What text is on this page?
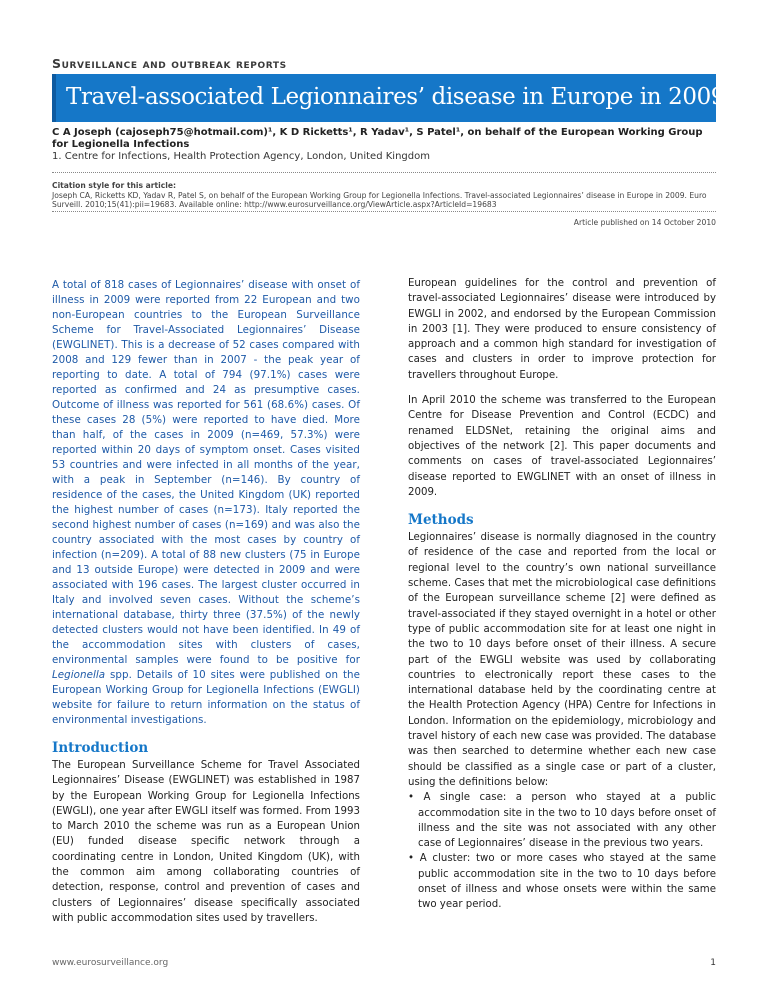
Surveillance and outbreak reports
Travel-associated Legionnaires’ disease in Europe in 2009
C A Joseph (cajoseph75@hotmail.com)¹, K D Ricketts¹, R Yadav¹, S Patel¹, on behalf of the European Working Group for Legionella Infections
1. Centre for Infections, Health Protection Agency, London, United Kingdom
Citation style for this article:
Joseph CA, Ricketts KD, Yadav R, Patel S, on behalf of the European Working Group for Legionella Infections. Travel-associated Legionnaires’ disease in Europe in 2009. Euro Surveill. 2010;15(41):pii=19683. Available online: http://www.eurosurveillance.org/ViewArticle.aspx?ArticleId=19683
Article published on 14 October 2010

A total of 818 cases of Legionnaires’ disease with onset of illness in 2009 were reported from 22 European and two non-European countries to the European Surveillance Scheme for Travel-Associated Legionnaires’ Disease (EWGLINET). This is a decrease of 52 cases compared with 2008 and 129 fewer than in 2007 - the peak year of reporting to date. A total of 794 (97.1%) cases were reported as confirmed and 24 as presumptive cases. Outcome of illness was reported for 561 (68.6%) cases. Of these cases 28 (5%) were reported to have died. More than half, of the cases in 2009 (n=469, 57.3%) were reported within 20 days of symptom onset. Cases visited 53 countries and were infected in all months of the year, with a peak in September (n=146). By country of residence of the cases, the United Kingdom (UK) reported the highest number of cases (n=173). Italy reported the second highest number of cases (n=169) and was also the country associated with the most cases by country of infection (n=209). A total of 88 new clusters (75 in Europe and 13 outside Europe) were detected in 2009 and were associated with 196 cases. The largest cluster occurred in Italy and involved seven cases. Without the scheme’s international database, thirty three (37.5%) of the newly detected clusters would not have been identified. In 49 of the accommodation sites with clusters of cases, environmental samples were found to be positive for Legionella spp. Details of 10 sites were published on the European Working Group for Legionella Infections (EWGLI) website for failure to return information on the status of environmental investigations.

Introduction

The European Surveillance Scheme for Travel Associated Legionnaires’ Disease (EWGLINET) was established in 1987 by the European Working Group for Legionella Infections (EWGLI), one year after EWGLI itself was formed. From 1993 to March 2010 the scheme was run as a European Union (EU) funded disease specific network through a coordinating centre in London, United Kingdom (UK), with the common aim among collaborating countries of detection, response, control and prevention of cases and clusters of Legionnaires’ disease specifically associated with public accommodation sites used by travellers.

European guidelines for the control and prevention of travel-associated Legionnaires’ disease were introduced by EWGLI in 2002, and endorsed by the European Commission in 2003 [1]. They were produced to ensure consistency of approach and a common high standard for investigation of cases and clusters in order to improve protection for travellers throughout Europe.

In April 2010 the scheme was transferred to the European Centre for Disease Prevention and Control (ECDC) and renamed ELDSNet, retaining the original aims and objectives of the network [2]. This paper documents and comments on cases of travel-associated Legionnaires’ disease reported to EWGLINET with an onset of illness in 2009.

Methods

Legionnaires’ disease is normally diagnosed in the country of residence of the case and reported from the local or regional level to the country’s own national surveillance scheme. Cases that met the microbiological case definitions of the European surveillance scheme [2] were defined as travel-associated if they stayed overnight in a hotel or other type of public accommodation site for at least one night in the two to 10 days before onset of their illness. A secure part of the EWGLI website was used by collaborating countries to electronically report these cases to the international database held by the coordinating centre at the Health Protection Agency (HPA) Centre for Infections in London. Information on the epidemiology, microbiology and travel history of each new case was provided. The database was then searched to determine whether each new case should be classified as a single case or part of a cluster, using the definitions below:

• A single case: a person who stayed at a public accommodation site in the two to 10 days before onset of illness and the site was not associated with any other case of Legionnaires’ disease in the previous two years.
• A cluster: two or more cases who stayed at the same public accommodation site in the two to 10 days before onset of illness and whose onsets were within the same two year period.
www.eurosurveillance.org	1
